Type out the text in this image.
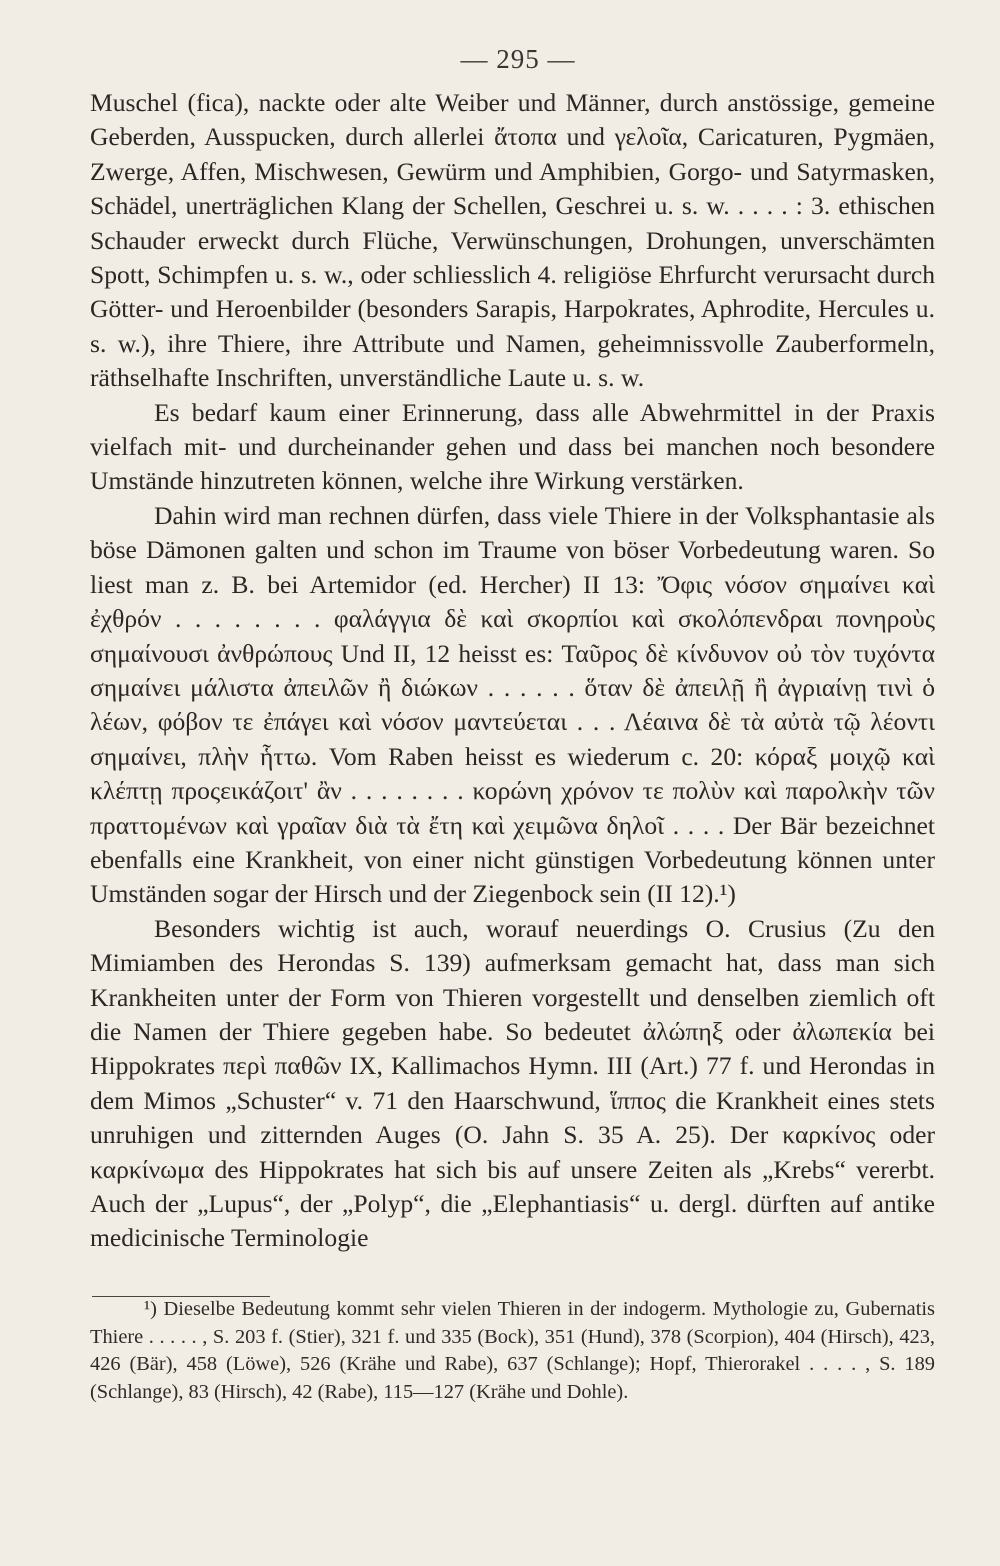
— 295 —

Muschel (fica), nackte oder alte Weiber und Männer, durch anstössige, gemeine Geberden, Ausspucken, durch allerlei ἄτοπα und γελοῖα, Caricaturen, Pygmäen, Zwerge, Affen, Mischwesen, Gewürm und Amphibien, Gorgo- und Satyrmasken, Schädel, unerträglichen Klang der Schellen, Geschrei u. s. w. . . . . : 3. ethischen Schauder erweckt durch Flüche, Verwünschungen, Drohungen, unverschämten Spott, Schimpfen u. s. w., oder schliesslich 4. religiöse Ehrfurcht verursacht durch Götter- und Heroenbilder (besonders Sarapis, Harpokrates, Aphrodite, Hercules u. s. w.), ihre Thiere, ihre Attribute und Namen, geheimnissvolle Zauberformeln, räthselhafte Inschriften, unverständliche Laute u. s. w.

Es bedarf kaum einer Erinnerung, dass alle Abwehrmittel in der Praxis vielfach mit- und durcheinander gehen und dass bei manchen noch besondere Umstände hinzutreten können, welche ihre Wirkung verstärken.

Dahin wird man rechnen dürfen, dass viele Thiere in der Volksphantasie als böse Dämonen galten und schon im Traume von böser Vorbedeutung waren. So liest man z. B. bei Artemidor (ed. Hercher) II 13: Ὄφις νόσον σημαίνει καὶ ἐχθρόν . . . . . . . . φαλάγγια δὲ καὶ σκορπίοι καὶ σκολόπενδραι πονηροὺς σημαίνουσι ἀνθρώπους Und II, 12 heisst es: Ταῦρος δὲ κίνδυνον οὐ τὸν τυχόντα σημαίνει μάλιστα ἀπειλῶν ἢ διώκων . . . . . . ὅταν δὲ ἀπειλῇ ἢ ἀγριαίνῃ τινὶ ὁ λέων, φόβον τε ἐπάγει καὶ νόσον μαντεύεται . . . Λέαινα δὲ τὰ αὐτὰ τῷ λέοντι σημαίνει, πλὴν ἧττω. Vom Raben heisst es wiederum c. 20: κόραξ μοιχῷ καὶ κλέπτῃ προςεικάζοιτ' ἂν . . . . . . . . κορώνη χρόνον τε πολὺν καὶ παρολκὴν τῶν πραττομένων καὶ γραῖαν διὰ τὰ ἔτη καὶ χειμῶνα δηλοῖ . . . . Der Bär bezeichnet ebenfalls eine Krankheit, von einer nicht günstigen Vorbedeutung können unter Umständen sogar der Hirsch und der Ziegenbock sein (II 12).¹)

Besonders wichtig ist auch, worauf neuerdings O. Crusius (Zu den Mimiamben des Herondas S. 139) aufmerksam gemacht hat, dass man sich Krankheiten unter der Form von Thieren vorgestellt und denselben ziemlich oft die Namen der Thiere gegeben habe. So bedeutet ἀλώπηξ oder ἀλωπεκία bei Hippokrates περὶ παθῶν IX, Kallimachos Hymn. III (Art.) 77 f. und Herondas in dem Mimos „Schuster“ v. 71 den Haarschwund, ἵππος die Krankheit eines stets unruhigen und zitternden Auges (O. Jahn S. 35 A. 25). Der καρκίνος oder καρκίνωμα des Hippokrates hat sich bis auf unsere Zeiten als „Krebs“ vererbt. Auch der „Lupus“, der „Polyp“, die „Elephantiasis“ u. dergl. dürften auf antike medicinische Terminologie

¹) Dieselbe Bedeutung kommt sehr vielen Thieren in der indogerm. Mythologie zu, Gubernatis Thiere . . . . . , S. 203 f. (Stier), 321 f. und 335 (Bock), 351 (Hund), 378 (Scorpion), 404 (Hirsch), 423, 426 (Bär), 458 (Löwe), 526 (Krähe und Rabe), 637 (Schlange); Hopf, Thierorakel . . . . , S. 189 (Schlange), 83 (Hirsch), 42 (Rabe), 115—127 (Krähe und Dohle).
